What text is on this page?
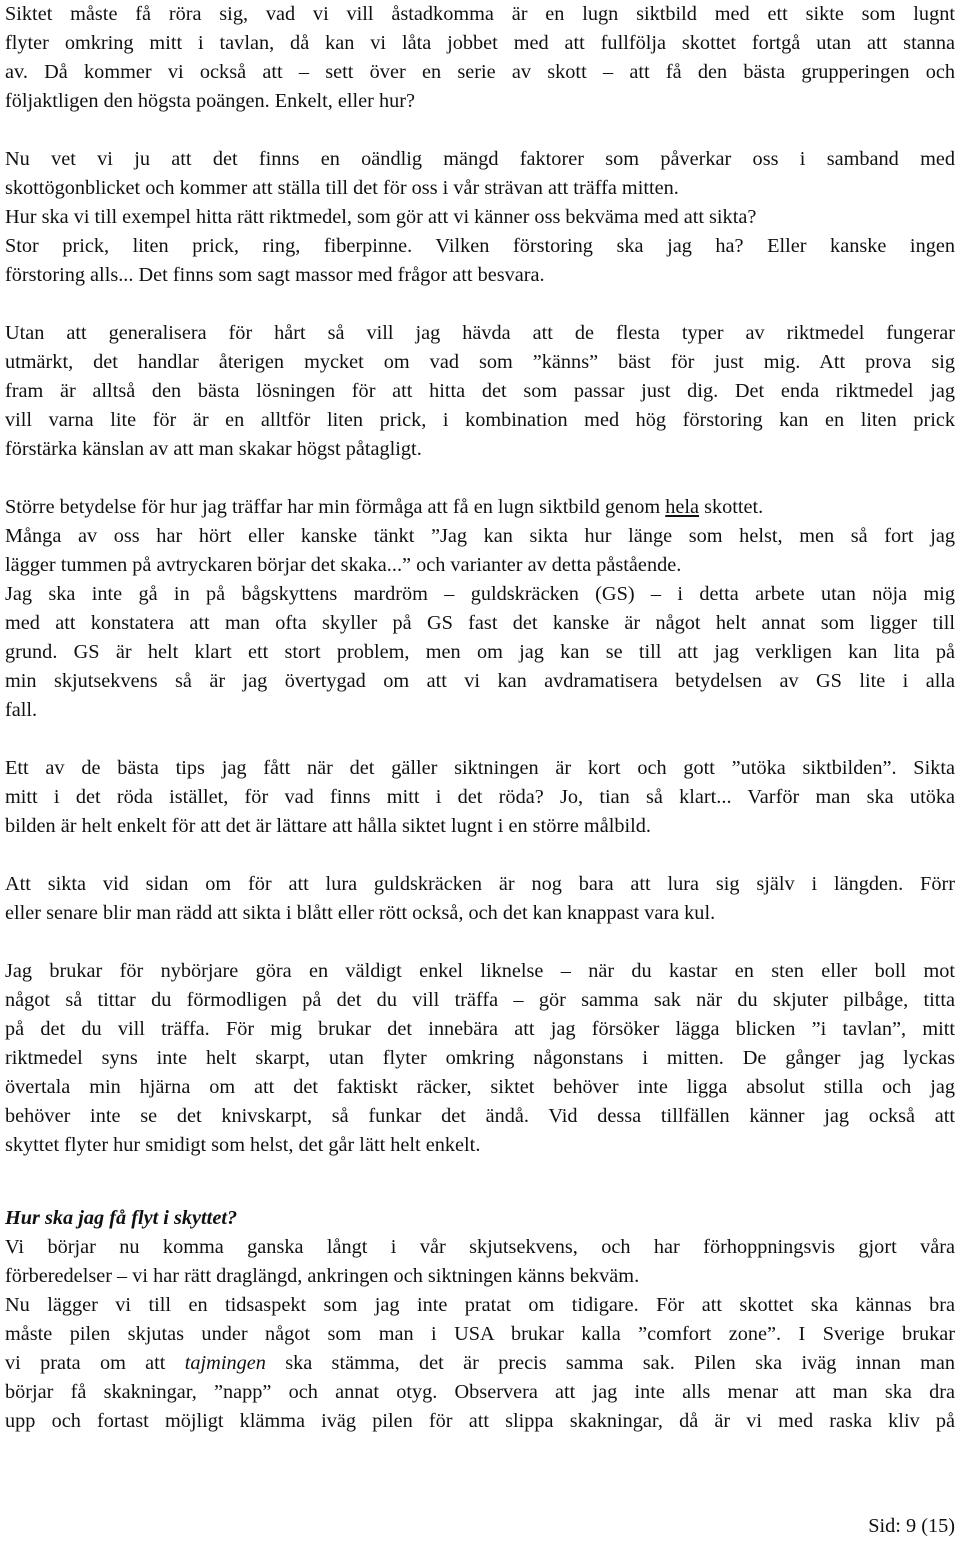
Siktet måste få röra sig, vad vi vill åstadkomma är en lugn siktbild med ett sikte som lugnt
flyter omkring mitt i tavlan, då kan vi låta jobbet med att fullfölja skottet fortgå utan att stanna
av. Då kommer vi också att – sett över en serie av skott – att få den bästa grupperingen och
följaktligen den högsta poängen. Enkelt, eller hur?

Nu vet vi ju att det finns en oändlig mängd faktorer som påverkar oss i samband med
skottögonblicket och kommer att ställa till det för oss i vår strävan att träffa mitten.
Hur ska vi till exempel hitta rätt riktmedel, som gör att vi känner oss bekväma med att sikta?
Stor prick, liten prick, ring, fiberpinne. Vilken förstoring ska jag ha? Eller kanske ingen
förstoring alls... Det finns som sagt massor med frågor att besvara.

Utan att generalisera för hårt så vill jag hävda att de flesta typer av riktmedel fungerar
utmärkt, det handlar återigen mycket om vad som ”känns” bäst för just mig. Att prova sig
fram är alltså den bästa lösningen för att hitta det som passar just dig. Det enda riktmedel jag
vill varna lite för är en alltför liten prick, i kombination med hög förstoring kan en liten prick
förstärka känslan av att man skakar högst påtagligt.

Större betydelse för hur jag träffar har min förmåga att få en lugn siktbild genom hela skottet.
Många av oss har hört eller kanske tänkt ”Jag kan sikta hur länge som helst, men så fort jag
lägger tummen på avtryckaren börjar det skaka...” och varianter av detta påstående.
Jag ska inte gå in på bågskyttens mardröm – guldskräcken (GS) – i detta arbete utan nöja mig
med att konstatera att man ofta skyller på GS fast det kanske är något helt annat som ligger till
grund. GS är helt klart ett stort problem, men om jag kan se till att jag verkligen kan lita på
min skjutsekvens så är jag övertygad om att vi kan avdramatisera betydelsen av GS lite i alla
fall.

Ett av de bästa tips jag fått när det gäller siktningen är kort och gott ”utöka siktbilden”. Sikta
mitt i det röda istället, för vad finns mitt i det röda? Jo, tian så klart... Varför man ska utöka
bilden är helt enkelt för att det är lättare att hålla siktet lugnt i en större målbild.

Att sikta vid sidan om för att lura guldskräcken är nog bara att lura sig själv i längden. Förr
eller senare blir man rädd att sikta i blått eller rött också, och det kan knappast vara kul.

Jag brukar för nybörjare göra en väldigt enkel liknelse – när du kastar en sten eller boll mot
något så tittar du förmodligen på det du vill träffa – gör samma sak när du skjuter pilbåge, titta
på det du vill träffa. För mig brukar det innebära att jag försöker lägga blicken ”i tavlan”, mitt
riktmedel syns inte helt skarpt, utan flyter omkring någonstans i mitten. De gånger jag lyckas
övertala min hjärna om att det faktiskt räcker, siktet behöver inte ligga absolut stilla och jag
behöver inte se det knivskarpt, så funkar det ändå. Vid dessa tillfällen känner jag också att
skyttet flyter hur smidigt som helst, det går lätt helt enkelt.

Hur ska jag få flyt i skyttet?

Vi börjar nu komma ganska långt i vår skjutsekvens, och har förhoppningsvis gjort våra
förberedelser – vi har rätt draglängd, ankringen och siktningen känns bekväm.

Nu lägger vi till en tidsaspekt som jag inte pratat om tidigare. För att skottet ska kännas bra
måste pilen skjutas under något som man i USA brukar kalla ”comfort zone”. I Sverige brukar
vi prata om att tajmingen ska stämma, det är precis samma sak. Pilen ska iväg innan man
börjar få skakningar, ”napp” och annat otyg. Observera att jag inte alls menar att man ska dra
upp och fortast möjligt klämma iväg pilen för att slippa skakningar, då är vi med raska kliv på

Sid: 9 (15)
